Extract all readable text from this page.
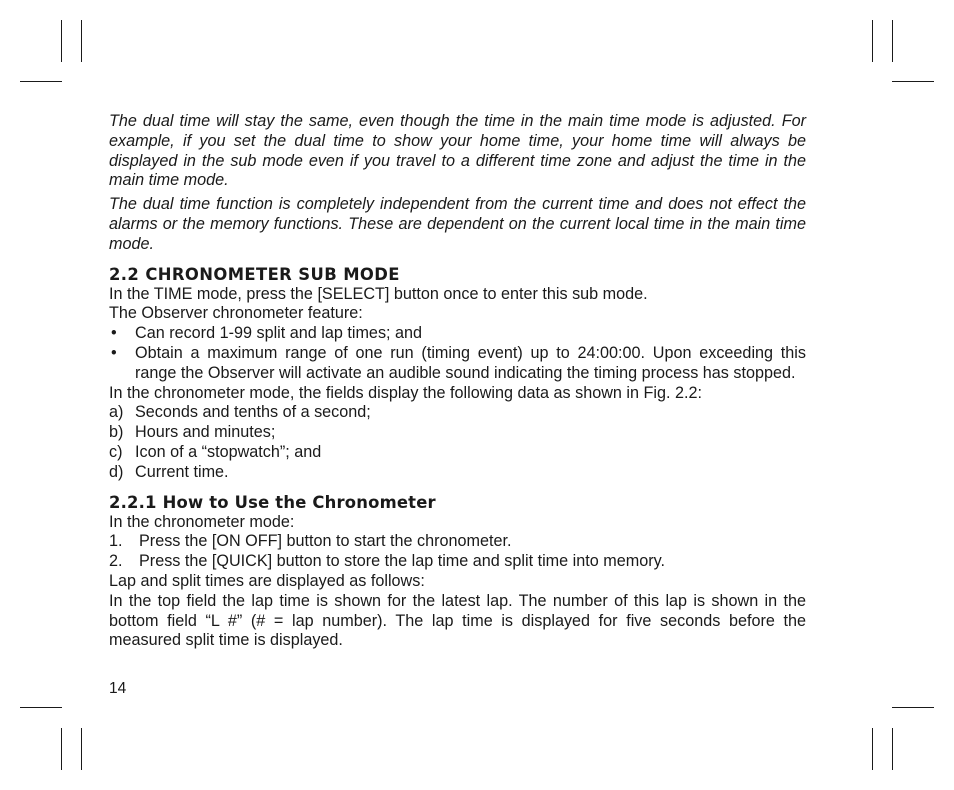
The dual time will stay the same, even though the time in the main time mode is adjusted. For example, if you set the dual time to show your home time, your home time will always be displayed in the sub mode even if you travel to a different time zone and adjust the time in the main time mode.

The dual time function is completely independent from the current time and does not effect the alarms or the memory functions. These are dependent on the current local time in the main time mode.

2.2 CHRONOMETER SUB MODE

In the TIME mode, press the [SELECT] button once to enter this sub mode.

The Observer chronometer feature:

• Can record 1-99 split and lap times; and
• Obtain a maximum range of one run (timing event) up to 24:00:00. Upon exceeding this range the Observer will activate an audible sound indicating the timing process has stopped.

In the chronometer mode, the fields display the following data as shown in Fig. 2.2:

a) Seconds and tenths of a second;
b) Hours and minutes;
c) Icon of a “stopwatch”; and
d) Current time.
2.2.1 How to Use the Chronometer

In the chronometer mode:

1. Press the [ON OFF] button to start the chronometer.
2. Press the [QUICK] button to store the lap time and split time into memory.

Lap and split times are displayed as follows:

In the top field the lap time is shown for the latest lap. The number of this lap is shown in the bottom field “L #” (# = lap number). The lap time is displayed for five seconds before the measured split time is displayed.

14
